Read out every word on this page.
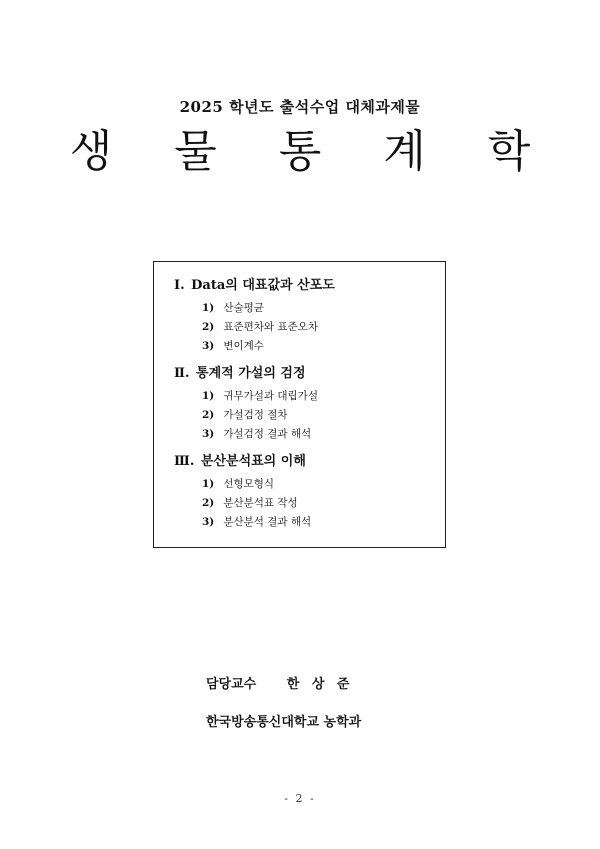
2025 학년도 출석수업 대체과제물
생 물 통 계 학
Ⅰ. Data의 대표값과 산포도
1) 산술평균
2) 표준편차와 표준오차
3) 변이계수
Ⅱ. 통계적 가설의 검정
1) 귀무가설과 대립가설
2) 가설검정 절차
3) 가설검정 결과 해석
Ⅲ. 분산분석표의 이해
1) 선형모형식
2) 분산분석표 작성
3) 분산분석 결과 해석
담당교수 한 상 준
한국방송통신대학교 농학과
- 2 -
